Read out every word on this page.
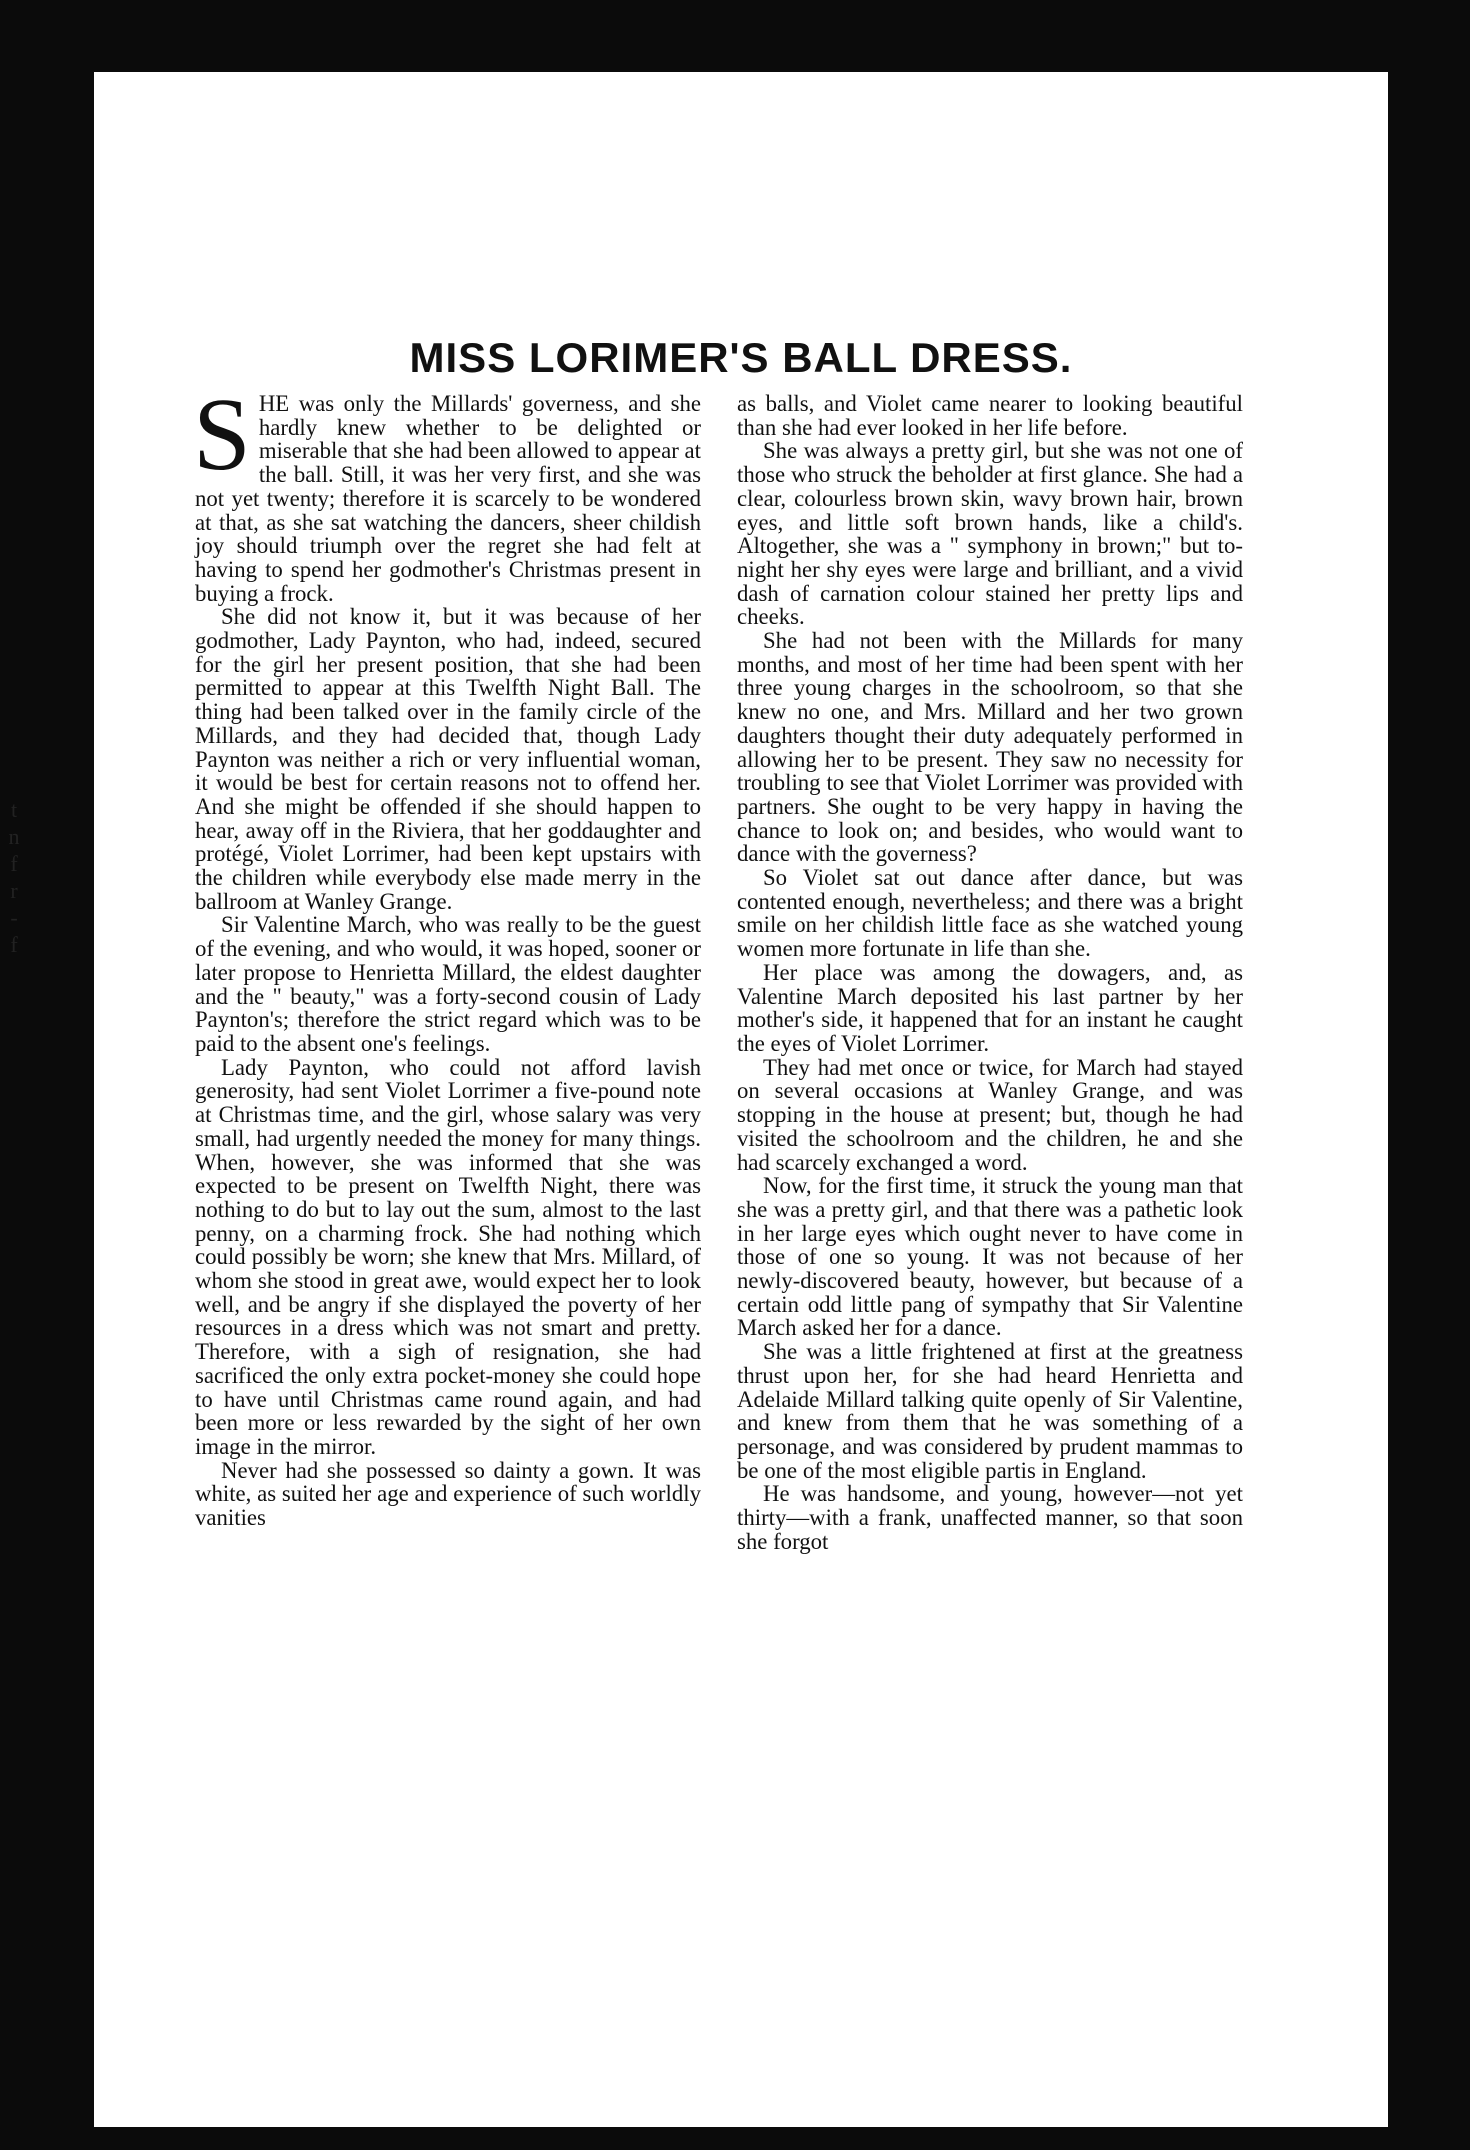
t
n
f
r
-
f
MISS LORIMER'S BALL DRESS.

SHE was only the Millards' governess, and she hardly knew whether to be delighted or miserable that she had been allowed to appear at the ball. Still, it was her very first, and she was not yet twenty; therefore it is scarcely to be wondered at that, as she sat watching the dancers, sheer childish joy should triumph over the regret she had felt at having to spend her godmother's Christmas present in buying a frock.

She did not know it, but it was because of her godmother, Lady Paynton, who had, indeed, secured for the girl her present position, that she had been permitted to appear at this Twelfth Night Ball. The thing had been talked over in the family circle of the Millards, and they had decided that, though Lady Paynton was neither a rich or very influential woman, it would be best for certain reasons not to offend her. And she might be offended if she should happen to hear, away off in the Riviera, that her goddaughter and protégé, Violet Lorrimer, had been kept upstairs with the children while everybody else made merry in the ballroom at Wanley Grange.

Sir Valentine March, who was really to be the guest of the evening, and who would, it was hoped, sooner or later propose to Henrietta Millard, the eldest daughter and the " beauty," was a forty-second cousin of Lady Paynton's; therefore the strict regard which was to be paid to the absent one's feelings.

Lady Paynton, who could not afford lavish generosity, had sent Violet Lorrimer a five-pound note at Christmas time, and the girl, whose salary was very small, had urgently needed the money for many things. When, however, she was informed that she was expected to be present on Twelfth Night, there was nothing to do but to lay out the sum, almost to the last penny, on a charming frock. She had nothing which could possibly be worn; she knew that Mrs. Millard, of whom she stood in great awe, would expect her to look well, and be angry if she displayed the poverty of her resources in a dress which was not smart and pretty. Therefore, with a sigh of resignation, she had sacrificed the only extra pocket-money she could hope to have until Christmas came round again, and had been more or less rewarded by the sight of her own image in the mirror.

Never had she possessed so dainty a gown. It was white, as suited her age and experience of such worldly vanities

as balls, and Violet came nearer to looking beautiful than she had ever looked in her life before.

She was always a pretty girl, but she was not one of those who struck the beholder at first glance. She had a clear, colourless brown skin, wavy brown hair, brown eyes, and little soft brown hands, like a child's. Altogether, she was a " symphony in brown;" but to-night her shy eyes were large and brilliant, and a vivid dash of carnation colour stained her pretty lips and cheeks.

She had not been with the Millards for many months, and most of her time had been spent with her three young charges in the schoolroom, so that she knew no one, and Mrs. Millard and her two grown daughters thought their duty adequately performed in allowing her to be present. They saw no necessity for troubling to see that Violet Lorrimer was provided with partners. She ought to be very happy in having the chance to look on; and besides, who would want to dance with the governess?

So Violet sat out dance after dance, but was contented enough, nevertheless; and there was a bright smile on her childish little face as she watched young women more fortunate in life than she.

Her place was among the dowagers, and, as Valentine March deposited his last partner by her mother's side, it happened that for an instant he caught the eyes of Violet Lorrimer.

They had met once or twice, for March had stayed on several occasions at Wanley Grange, and was stopping in the house at present; but, though he had visited the schoolroom and the children, he and she had scarcely exchanged a word.

Now, for the first time, it struck the young man that she was a pretty girl, and that there was a pathetic look in her large eyes which ought never to have come in those of one so young. It was not because of her newly-discovered beauty, however, but because of a certain odd little pang of sympathy that Sir Valentine March asked her for a dance.

She was a little frightened at first at the greatness thrust upon her, for she had heard Henrietta and Adelaide Millard talking quite openly of Sir Valentine, and knew from them that he was something of a personage, and was considered by prudent mammas to be one of the most eligible partis in England.

He was handsome, and young, however—not yet thirty—with a frank, unaffected manner, so that soon she forgot
